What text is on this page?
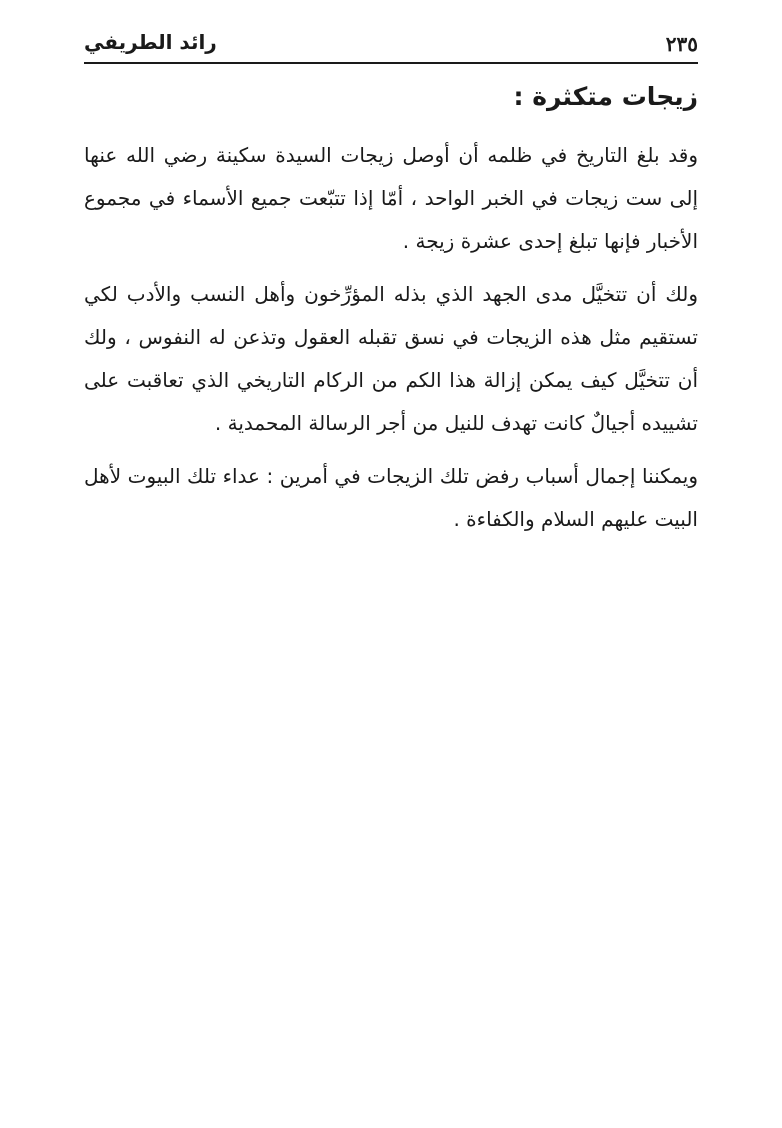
٢٣٥
رائد الطريفي
زيجات متكثرة :

وقد بلغ التاريخ في ظلمه أن أوصل زيجات السيدة سكينة رضي الله عنها إلى ست زيجات في الخبر الواحد ، أمّا إذا تتبّعت جميع الأسماء في مجموع الأخبار فإنها تبلغ إحدى عشرة زيجة .

ولك أن تتخيَّل مدى الجهد الذي بذله المؤرِّخون وأهل النسب والأدب لكي تستقيم مثل هذه الزيجات في نسق تقبله العقول وتذعن له النفوس ، ولك أن تتخيَّل كيف يمكن إزالة هذا الكم من الركام التاريخي الذي تعاقبت على تشييده أجيالٌ كانت تهدف للنيل من أجر الرسالة المحمدية .

ويمكننا إجمال أسباب رفض تلك الزيجات في أمرين : عداء تلك البيوت لأهل البيت عليهم السلام والكفاءة .
